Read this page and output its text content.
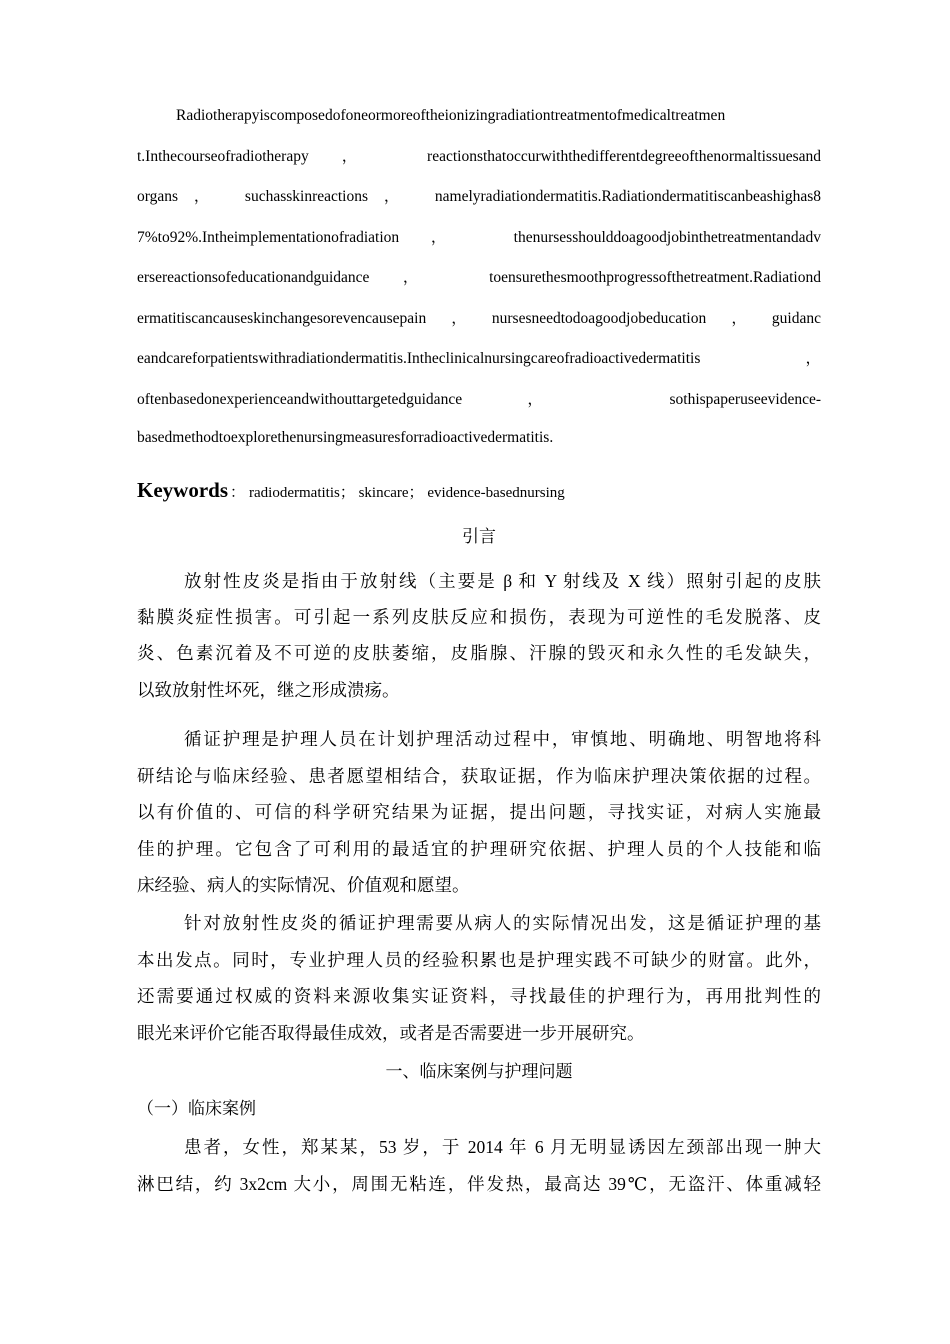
Radiotherapyiscomposedofoneormoreoftheionizingradiationtreatmentofmedicaltreatmen
t.Inthecourseofradiotherapy， reactionsthatoccurwiththedifferentdegreeofthenormaltissuesand
organs， suchasskinreactions， namelyradiationdermatitis.Radiationdermatitiscanbeashighas8
7%to92%.Intheimplementationofradiation， thenursesshoulddoagoodjobinthetreatmentandadv
ersereactionsofeducationandguidance， toensurethesmoothprogressofthetreatment.Radiationd
ermatitiscancauseskinchangesorevencausepain，nursesneedtodoagoodjobeducation，guidanc
eandcareforpatientswithradiationdermatitis.Intheclinicalnursingcareofradioactivedermatitis ，
oftenbasedonexperienceandwithouttargetedguidance ， sothispaperuseevidence-
basedmethodtoexplorethenursingmeasuresforradioactivedermatitis.
Keywords ： radiodermatitis； skincare； evidence-basednursing
引言
放射性皮炎是指由于放射线（主要是 β 和 Y 射线及 X 线）照射引起的皮肤
黏膜炎症性损害。可引起一系列皮肤反应和损伤，表现为可逆性的毛发脱落、皮
炎、色素沉着及不可逆的皮肤萎缩，皮脂腺、汗腺的毁灭和永久性的毛发缺失，
以致放射性坏死，继之形成溃疡。
循证护理是护理人员在计划护理活动过程中，审慎地、明确地、明智地将科
研结论与临床经验、患者愿望相结合，获取证据，作为临床护理决策依据的过程。
以有价值的、可信的科学研究结果为证据，提出问题，寻找实证，对病人实施最
佳的护理。它包含了可利用的最适宜的护理研究依据、护理人员的个人技能和临
床经验、病人的实际情况、价值观和愿望。
针对放射性皮炎的循证护理需要从病人的实际情况出发，这是循证护理的基
本出发点。同时，专业护理人员的经验积累也是护理实践不可缺少的财富。此外，
还需要通过权威的资料来源收集实证资料，寻找最佳的护理行为，再用批判性的
眼光来评价它能否取得最佳成效，或者是否需要进一步开展研究。
一、临床案例与护理问题
（一）临床案例
患者，女性，郑某某，53 岁，于 2014 年 6 月无明显诱因左颈部出现一肿大
淋巴结，约 3x2cm 大小，周围无粘连，伴发热，最高达 39℃，无盗汗、体重减轻
